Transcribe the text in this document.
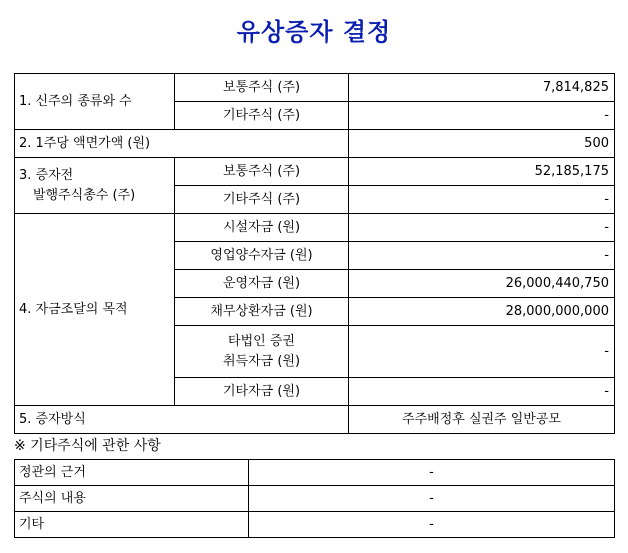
유상증자 결정
1. 신주의 종류와 수	보통주식 (주)	7,814,825
	기타주식 (주)	-
2. 1주당 액면가액 (원)		500

3. 증자전
발행주식총수 (주)	보통주식 (주)	52,185,175
	기타주식 (주)	-
4. 자금조달의 목적	시설자금 (원)	-
	영업양수자금 (원)	-
	운영자금 (원)	26,000,440,750
	채무상환자금 (원)	28,000,000,000

	타법인 증권
취득자금 (원)	-
	기타자금 (원)	-
5. 증자방식		주주배정후 실권주 일반공모
※ 기타주식에 관한 사항
정관의 근거	-
주식의 내용	-
기타	-
